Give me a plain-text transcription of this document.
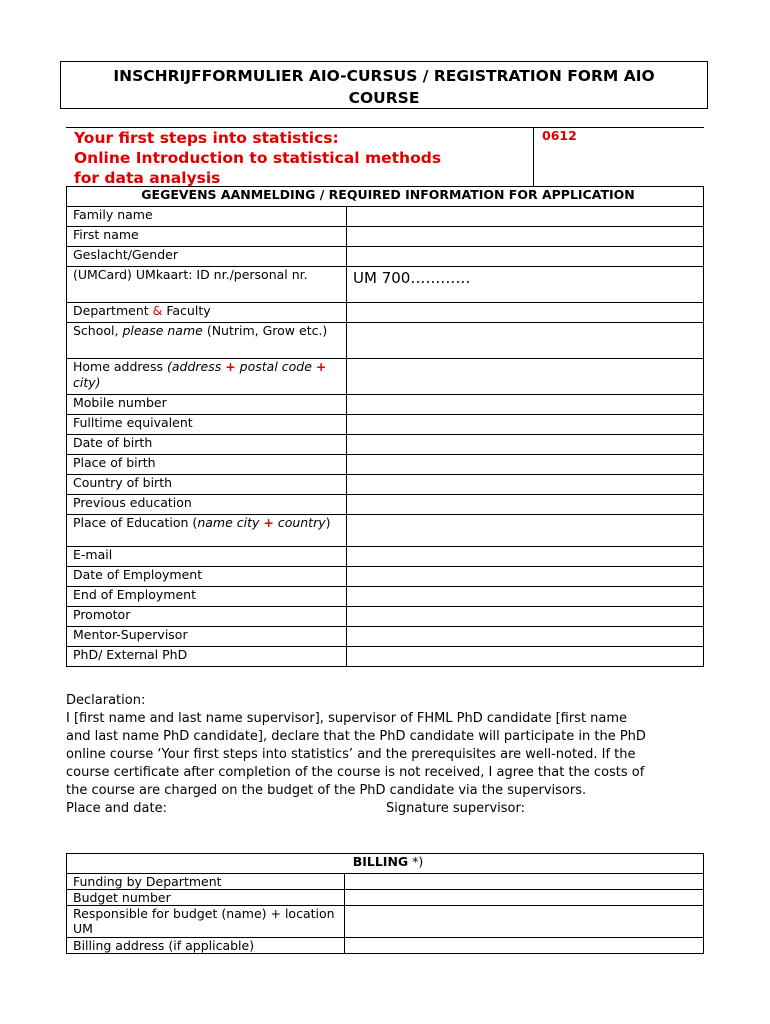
INSCHRIJFFORMULIER AIO-CURSUS / REGISTRATION FORM AIO
COURSE
Your first steps into statistics:
Online Introduction to statistical methods
for data analysis
0612
GEGEVENS AANMELDING / REQUIRED INFORMATION FOR APPLICATION	
Family name	
First name	
Geslacht/Gender	
(UMCard) UMkaart: ID nr./personal nr.	UM 700…………
Department & Faculty	
School, please name (Nutrim, Grow etc.)	
Home address (address + postal code + city)	
Mobile number	
Fulltime equivalent	
Date of birth	
Place of birth	
Country of birth	
Previous education	
Place of Education (name city + country)	
E-mail	
Date of Employment	
End of Employment	
Promotor	
Mentor-Supervisor	
PhD/ External PhD	

Declaration:

I [first name and last name supervisor], supervisor of FHML PhD candidate [first name

and last name PhD candidate], declare that the PhD candidate will participate in the PhD

online course ‘Your first steps into statistics’ and the prerequisites are well-noted. If the

course certificate after completion of the course is not received, I agree that the costs of

the course are charged on the budget of the PhD candidate via the supervisors.

Place and date:	Signature supervisor:
BILLING *)	
Funding by Department	
Budget number	
Responsible for budget (name) + location UM	
Billing address (if applicable)	
